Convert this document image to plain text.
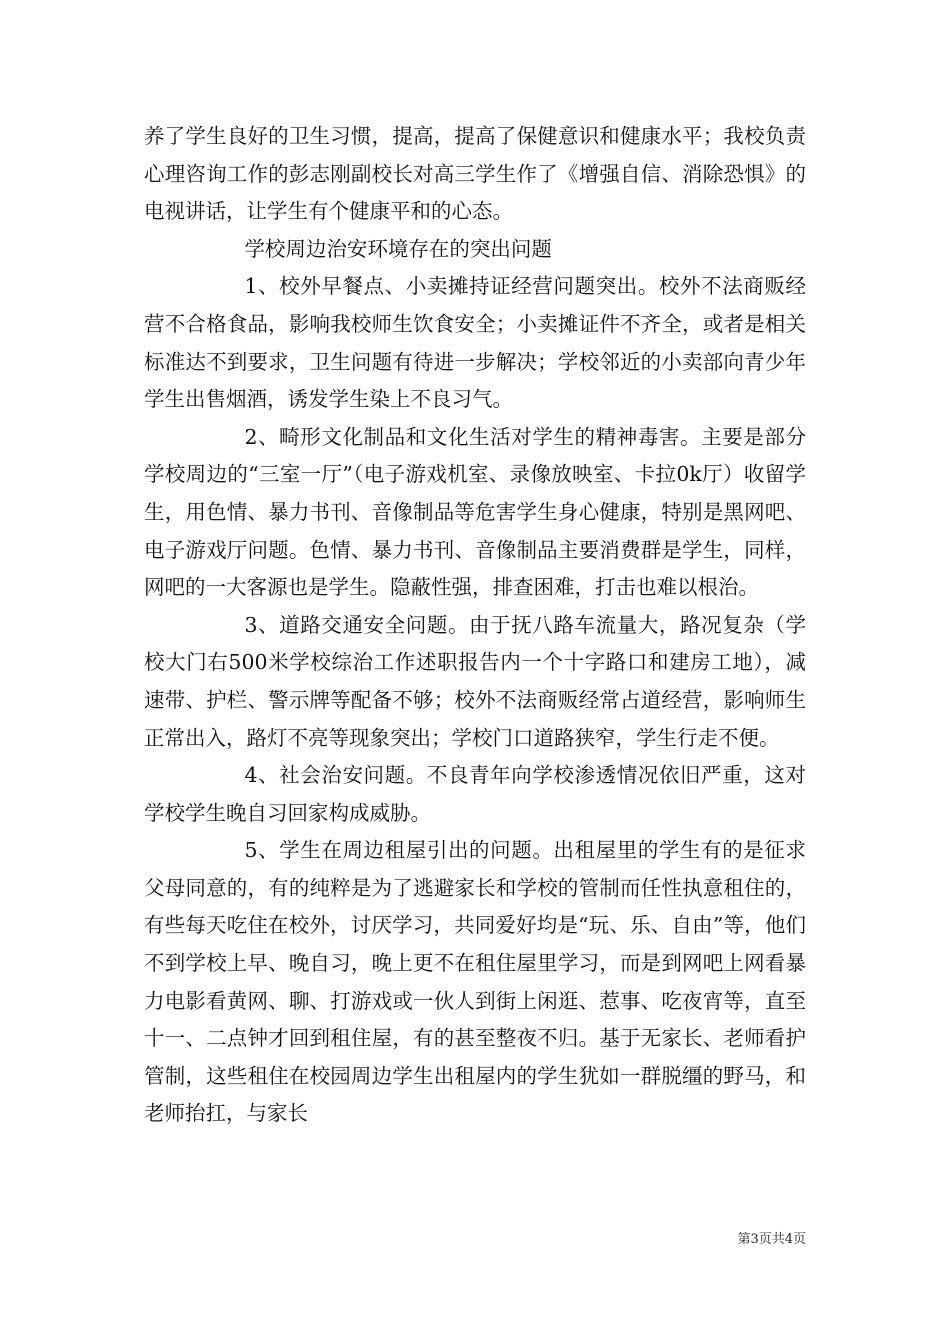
养了学生良好的卫生习惯，提高，提高了保健意识和健康水平；我校负责心理咨询工作的彭志刚副校长对高三学生作了《增强自信、消除恐惧》的电视讲话，让学生有个健康平和的心态。

学校周边治安环境存在的突出问题

1、校外早餐点、小卖摊持证经营问题突出。校外不法商贩经营不合格食品，影响我校师生饮食安全；小卖摊证件不齐全，或者是相关标准达不到要求，卫生问题有待进一步解决；学校邻近的小卖部向青少年学生出售烟酒，诱发学生染上不良习气。

2、畸形文化制品和文化生活对学生的精神毒害。主要是部分学校周边的“三室一厅”（电子游戏机室、录像放映室、卡拉0k厅）收留学生，用色情、暴力书刊、音像制品等危害学生身心健康，特别是黑网吧、电子游戏厅问题。色情、暴力书刊、音像制品主要消费群是学生，同样，网吧的一大客源也是学生。隐蔽性强，排查困难，打击也难以根治。

3、道路交通安全问题。由于抚八路车流量大，路况复杂（学校大门右500米学校综治工作述职报告内一个十字路口和建房工地），减速带、护栏、警示牌等配备不够；校外不法商贩经常占道经营，影响师生正常出入，路灯不亮等现象突出；学校门口道路狭窄，学生行走不便。

4、社会治安问题。不良青年向学校渗透情况依旧严重，这对学校学生晚自习回家构成威胁。

5、学生在周边租屋引出的问题。出租屋里的学生有的是征求父母同意的，有的纯粹是为了逃避家长和学校的管制而任性执意租住的，有些每天吃住在校外，讨厌学习，共同爱好均是“玩、乐、自由”等，他们不到学校上早、晚自习，晚上更不在租住屋里学习，而是到网吧上网看暴力电影看黄网、聊、打游戏或一伙人到街上闲逛、惹事、吃夜宵等，直至十一、二点钟才回到租住屋，有的甚至整夜不归。基于无家长、老师看护管制，这些租住在校园周边学生出租屋内的学生犹如一群脱缰的野马，和老师抬扛，与家长

第3页共4页
